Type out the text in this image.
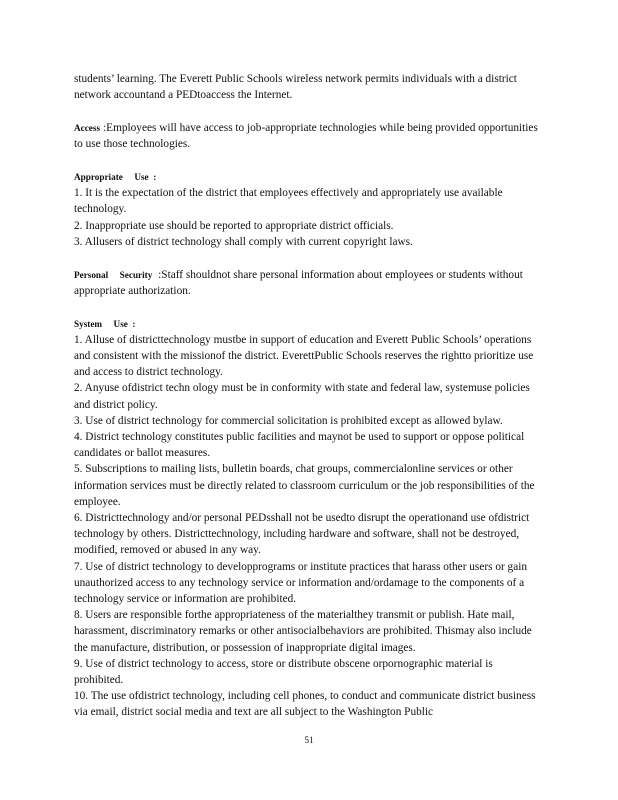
students’ learning. The Everett Public Schools wireless network permits individuals with a district network accountand a PEDtoaccess the Internet.

Access :Employees will have access to job-appropriate technologies while being provided opportunities to use those technologies.

Appropriate     Use  :

1. It is the expectation of the district that employees effectively and appropriately use available technology.

2. Inappropriate use should be reported to appropriate district officials.

3. Allusers of district technology shall comply with current copyright laws.

Personal     Security :Staff shouldnot share personal information about employees or students without appropriate authorization.

System     Use  :

1. Alluse of districttechnology mustbe in support of education and Everett Public Schools’ operations and consistent with the missionof the district. EverettPublic Schools reserves the rightto prioritize use and access to district technology.

2. Anyuse ofdistrict techn ology must be in conformity with state and federal law, systemuse policies and district policy.

3. Use of district technology for commercial solicitation is prohibited except as allowed bylaw.

4. District technology constitutes public facilities and maynot be used to support or oppose political candidates or ballot measures.

5. Subscriptions to mailing lists, bulletin boards, chat groups, commercialonline services or other information services must be directly related to classroom curriculum or the job responsibilities of the employee.

6. Districttechnology and/or personal PEDsshall not be usedto disrupt the operationand use ofdistrict technology by others. Districttechnology, including hardware and software, shall not be destroyed, modified, removed or abused in any way.

7. Use of district technology to developprograms or institute practices that harass other users or gain unauthorized access to any technology service or information and/ordamage to the components of a technology service or information are prohibited.

8. Users are responsible forthe appropriateness of the materialthey transmit or publish. Hate mail, harassment, discriminatory remarks or other antisocialbehaviors are prohibited. Thismay also include the manufacture, distribution, or possession of inappropriate digital images.

9. Use of district technology to access, store or distribute obscene orpornographic material is prohibited.

10. The use ofdistrict technology, including cell phones, to conduct and communicate district business via email, district social media and text are all subject to the Washington Public

51
